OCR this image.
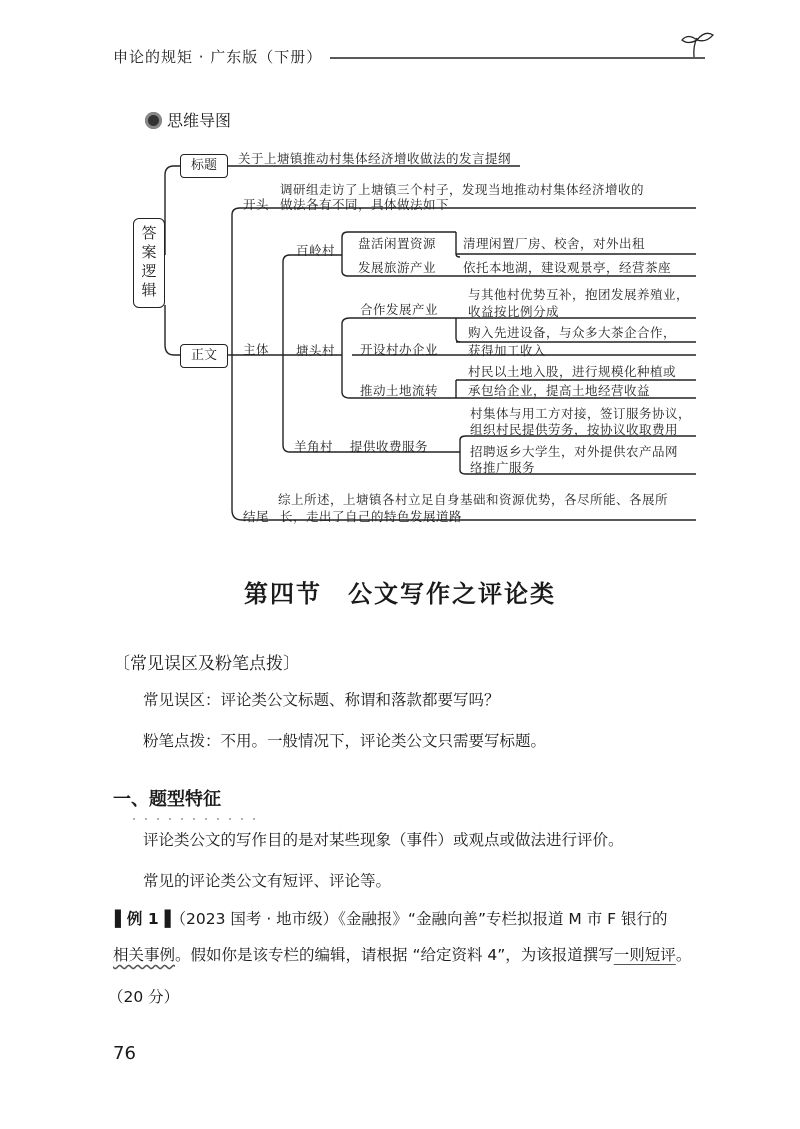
申论的规矩 · 广东版（下册）
思维导图
答案逻辑
标题	关于上塘镇推动村集体经济增收做法的发言提纲
调研组走访了上塘镇三个村子，发现当地推动村集体经济增收的
开头 做法各有不同，具体做法如下
正文	主体
百岭村 盘活闲置资源 清理闲置厂房、校舍，对外出租
发展旅游产业 依托本地湖，建设观景亭，经营茶座
塘头村
合作发展产业
与其他村优势互补，抱团发展养殖业，
收益按比例分成
开设村办企业
购入先进设备，与众多大茶企合作，
获得加工收入
推动土地流转
村民以土地入股，进行规模化种植或
承包给企业，提高土地经营收益
羊角村 提供收费服务
村集体与用工方对接，签订服务协议，
组织村民提供劳务，按协议收取费用
招聘返乡大学生，对外提供农产品网
络推广服务
综上所述，上塘镇各村立足自身基础和资源优势，各尽所能、各展所
结尾 长，走出了自己的特色发展道路
第四节　公文写作之评论类
〔常见误区及粉笔点拨〕
常见误区：评论类公文标题、称谓和落款都要写吗？
粉笔点拨：不用。一般情况下，评论类公文只需要写标题。
一、题型特征
评论类公文的写作目的是对某些现象（事件）或观点或做法进行评价。
常见的评论类公文有短评、评论等。
▌例 1▐（2023 国考 · 地市级）《金融报》“金融向善”专栏拟报道 M 市 F 银行的
相关事例。假如你是该专栏的编辑，请根据 “给定资料 4”，为该报道撰写一则短评。
（20 分）
76
